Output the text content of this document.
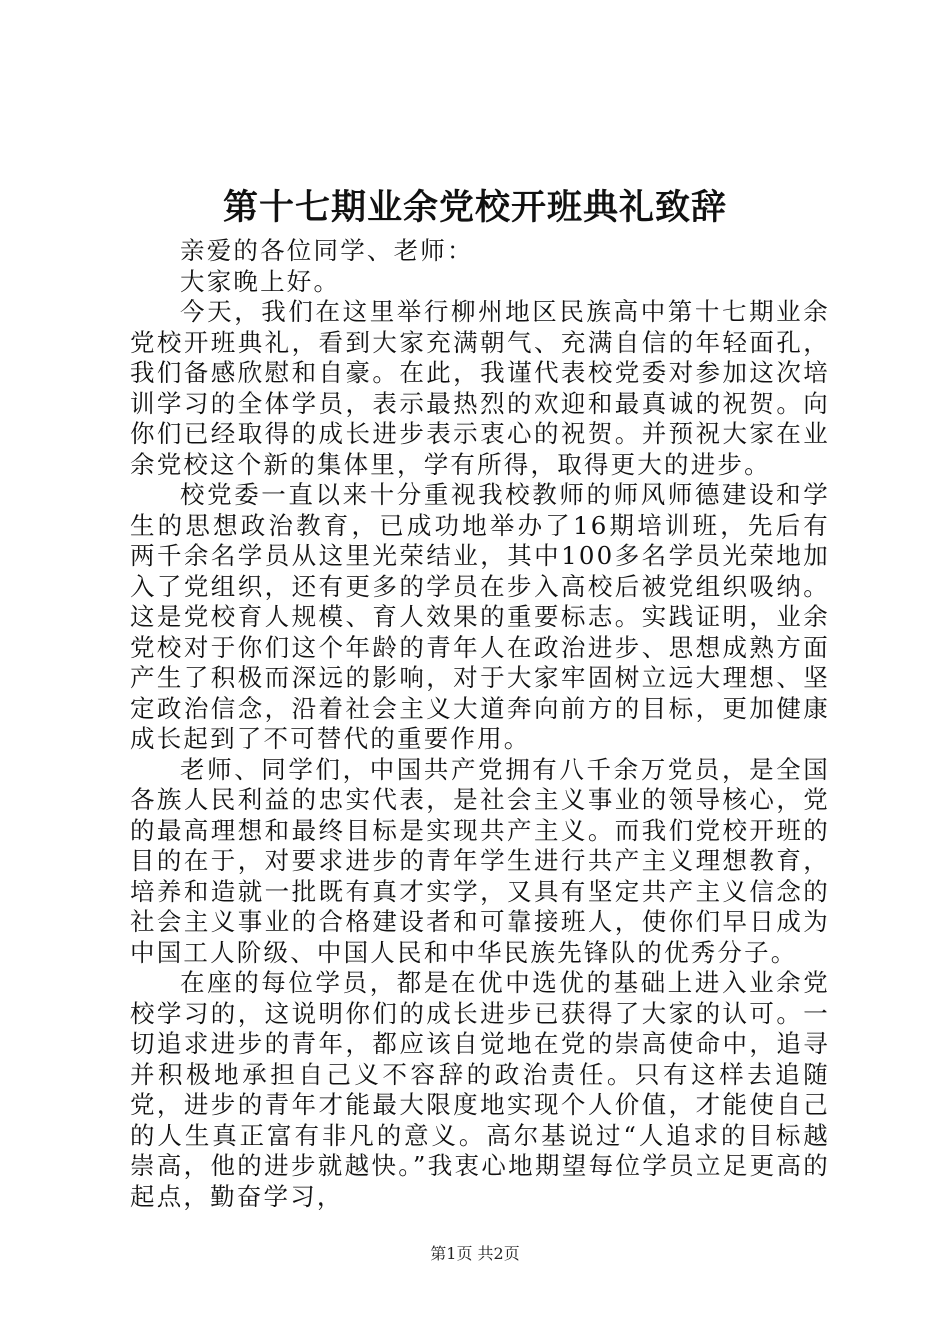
第十七期业余党校开班典礼致辞

亲爱的各位同学、老师：

大家晚上好。

今天，我们在这里举行柳州地区民族高中第十七期业余党校开班典礼，看到大家充满朝气、充满自信的年轻面孔，我们备感欣慰和自豪。在此，我谨代表校党委对参加这次培训学习的全体学员，表示最热烈的欢迎和最真诚的祝贺。向你们已经取得的成长进步表示衷心的祝贺。并预祝大家在业余党校这个新的集体里，学有所得，取得更大的进步。

校党委一直以来十分重视我校教师的师风师德建设和学生的思想政治教育，已成功地举办了16期培训班，先后有两千余名学员从这里光荣结业，其中100多名学员光荣地加入了党组织，还有更多的学员在步入高校后被党组织吸纳。这是党校育人规模、育人效果的重要标志。实践证明，业余党校对于你们这个年龄的青年人在政治进步、思想成熟方面产生了积极而深远的影响，对于大家牢固树立远大理想、坚定政治信念，沿着社会主义大道奔向前方的目标，更加健康成长起到了不可替代的重要作用。

老师、同学们，中国共产党拥有八千余万党员，是全国各族人民利益的忠实代表，是社会主义事业的领导核心，党的最高理想和最终目标是实现共产主义。而我们党校开班的目的在于，对要求进步的青年学生进行共产主义理想教育，培养和造就一批既有真才实学，又具有坚定共产主义信念的社会主义事业的合格建设者和可靠接班人，使你们早日成为中国工人阶级、中国人民和中华民族先锋队的优秀分子。

在座的每位学员，都是在优中选优的基础上进入业余党校学习的，这说明你们的成长进步已获得了大家的认可。一切追求进步的青年，都应该自觉地在党的崇高使命中，追寻并积极地承担自己义不容辞的政治责任。只有这样去追随党，进步的青年才能最大限度地实现个人价值，才能使自己的人生真正富有非凡的意义。高尔基说过“人追求的目标越崇高，他的进步就越快。”我衷心地期望每位学员立足更高的起点，勤奋学习，

第1页 共2页
